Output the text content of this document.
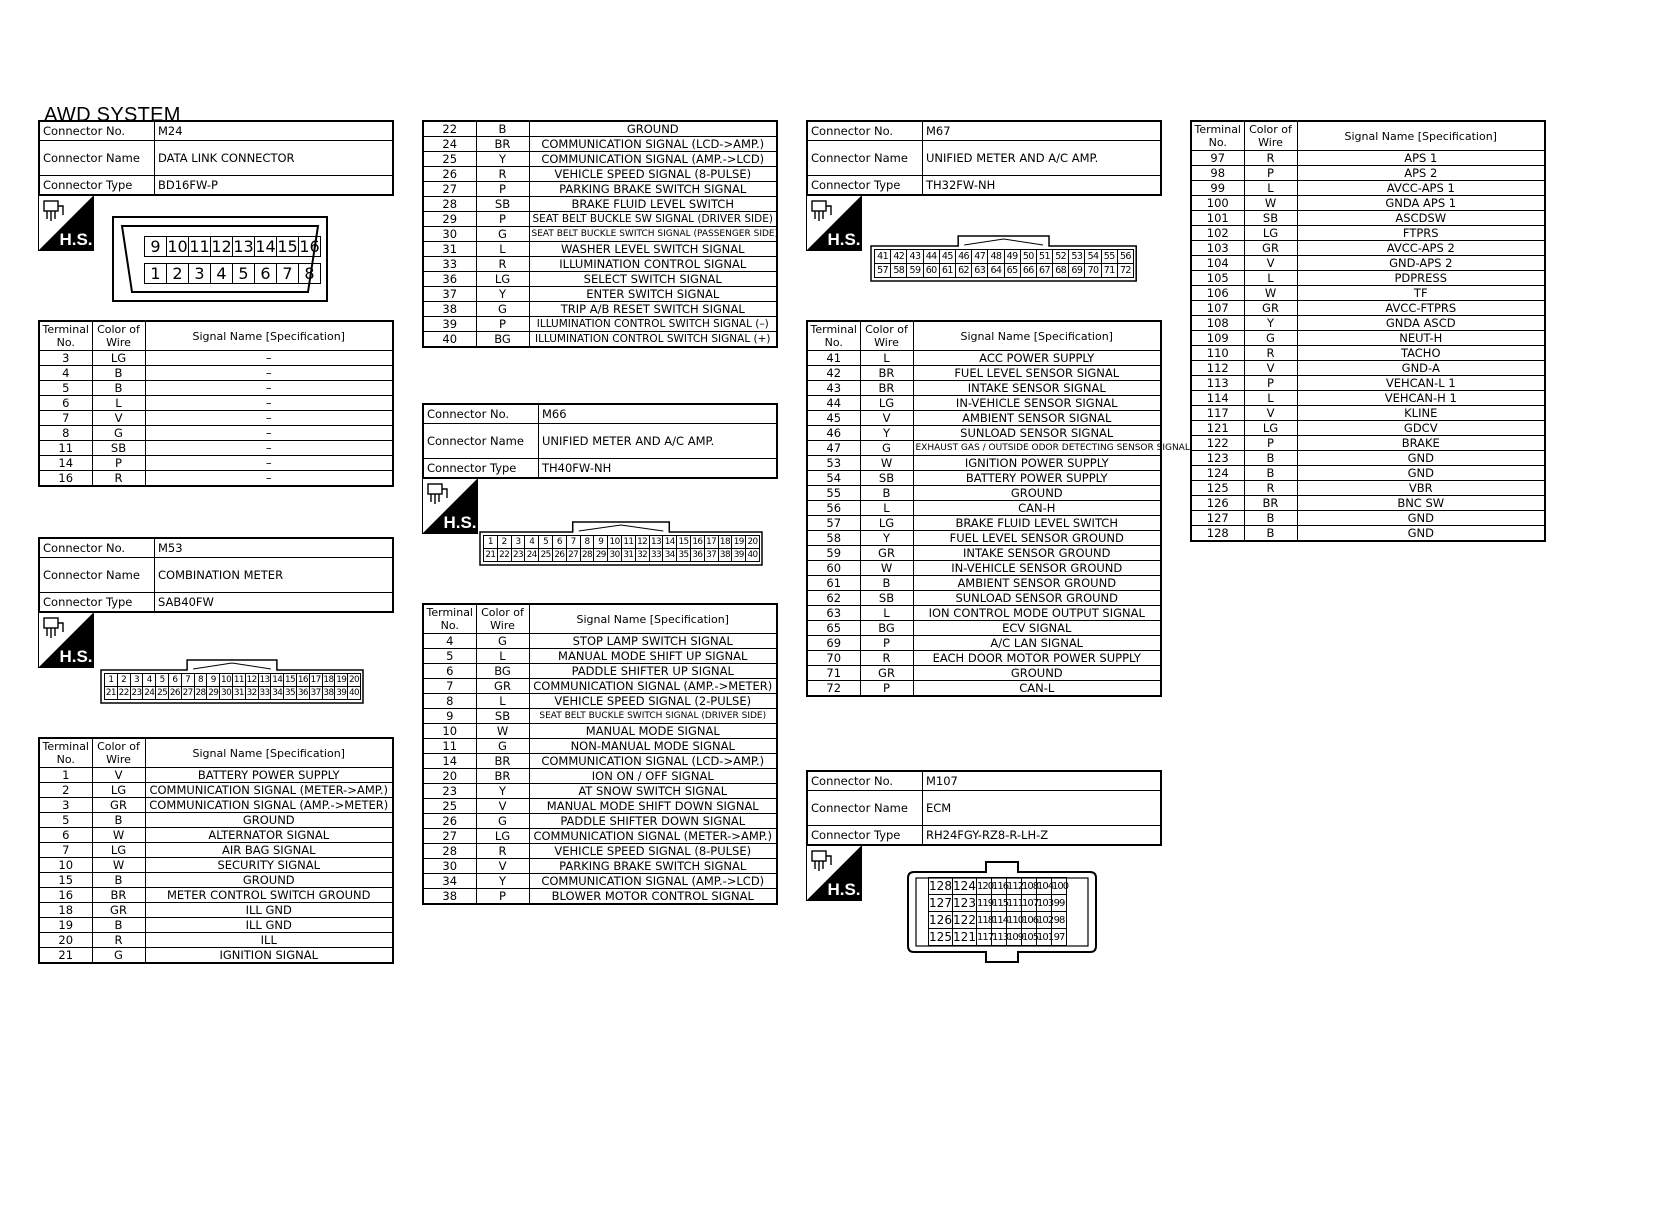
AWD SYSTEM
Connector No.	M24
Connector Name	DATA LINK CONNECTOR
Connector Type	BD16FW-P
H.S.	9 10 11 12 13 14 15 16
1 2 3 4 5 6 7 8
Terminal No.	Color of Wire	Signal Name [Specification]
3	LG	–
4	B	–
5	B	–
6	L	–
7	V	–
8	G	–
11	SB	–
14	P	–
16	R	–
Connector No.	M53
Connector Name	COMBINATION METER
Connector Type	SAB40FW
H.S.
1 2 3 4 5 6 7 8 9 10 11 12 13 14 15 16 17 18 19 20
21 22 23 24 25 26 27 28 29 30 31 32 33 34 35 36 37 38 39 40
Terminal No.	Color of Wire	Signal Name [Specification]
1	V	BATTERY POWER SUPPLY
2	LG	COMMUNICATION SIGNAL (METER->AMP.)
3	GR	COMMUNICATION SIGNAL (AMP.->METER)
5	B	GROUND
6	W	ALTERNATOR SIGNAL
7	LG	AIR BAG SIGNAL
10	W	SECURITY SIGNAL
15	B	GROUND
16	BR	METER CONTROL SWITCH GROUND
18	GR	ILL GND
19	B	ILL GND
20	R	ILL
21	G	IGNITION SIGNAL
22	B	GROUND
24	BR	COMMUNICATION SIGNAL (LCD->AMP.)
25	Y	COMMUNICATION SIGNAL (AMP.->LCD)
26	R	VEHICLE SPEED SIGNAL (8-PULSE)
27	P	PARKING BRAKE SWITCH SIGNAL
28	SB	BRAKE FLUID LEVEL SWITCH
29	P	SEAT BELT BUCKLE SW SIGNAL (DRIVER SIDE)
30	G	SEAT BELT BUCKLE SWITCH SIGNAL (PASSENGER SIDE)
31	L	WASHER LEVEL SWITCH SIGNAL
33	R	ILLUMINATION CONTROL SIGNAL
36	LG	SELECT SWITCH SIGNAL
37	Y	ENTER SWITCH SIGNAL
38	G	TRIP A/B RESET SWITCH SIGNAL
39	P	ILLUMINATION CONTROL SWITCH SIGNAL (–)
40	BG	ILLUMINATION CONTROL SWITCH SIGNAL (+)
Connector No.	M66
Connector Name	UNIFIED METER AND A/C AMP.
Connector Type	TH40FW-NH
H.S.
1 2 3 4 5 6 7 8 9 10 11 12 13 14 15 16 17 18 19 20
21 22 23 24 25 26 27 28 29 30 31 32 33 34 35 36 37 38 39 40
Terminal No.	Color of Wire	Signal Name [Specification]
4	G	STOP LAMP SWITCH SIGNAL
5	L	MANUAL MODE SHIFT UP SIGNAL
6	BG	PADDLE SHIFTER UP SIGNAL
7	GR	COMMUNICATION SIGNAL (AMP.->METER)
8	L	VEHICLE SPEED SIGNAL (2-PULSE)
9	SB	SEAT BELT BUCKLE SWITCH SIGNAL (DRIVER SIDE)
10	W	MANUAL MODE SIGNAL
11	G	NON-MANUAL MODE SIGNAL
14	BR	COMMUNICATION SIGNAL (LCD->AMP.)
20	BR	ION ON / OFF SIGNAL
23	Y	AT SNOW SWITCH SIGNAL
25	V	MANUAL MODE SHIFT DOWN SIGNAL
26	G	PADDLE SHIFTER DOWN SIGNAL
27	LG	COMMUNICATION SIGNAL (METER->AMP.)
28	R	VEHICLE SPEED SIGNAL (8-PULSE)
30	V	PARKING BRAKE SWITCH SIGNAL
34	Y	COMMUNICATION SIGNAL (AMP.->LCD)
38	P	BLOWER MOTOR CONTROL SIGNAL
Connector No.	M67
Connector Name	UNIFIED METER AND A/C AMP.
Connector Type	TH32FW-NH
H.S.
41 42 43 44 45 46 47 48 49 50 51 52 53 54 55 56
57 58 59 60 61 62 63 64 65 66 67 68 69 70 71 72
Terminal No.	Color of Wire	Signal Name [Specification]
41	L	ACC POWER SUPPLY
42	BR	FUEL LEVEL SENSOR SIGNAL
43	BR	INTAKE SENSOR SIGNAL
44	LG	IN-VEHICLE SENSOR SIGNAL
45	V	AMBIENT SENSOR SIGNAL
46	Y	SUNLOAD SENSOR SIGNAL
47	G	EXHAUST GAS / OUTSIDE ODOR DETECTING SENSOR SIGNAL
53	W	IGNITION POWER SUPPLY
54	SB	BATTERY POWER SUPPLY
55	B	GROUND
56	L	CAN-H
57	LG	BRAKE FLUID LEVEL SWITCH
58	Y	FUEL LEVEL SENSOR GROUND
59	GR	INTAKE SENSOR GROUND
60	W	IN-VEHICLE SENSOR GROUND
61	B	AMBIENT SENSOR GROUND
62	SB	SUNLOAD SENSOR GROUND
63	L	ION CONTROL MODE OUTPUT SIGNAL
65	BG	ECV SIGNAL
69	P	A/C LAN SIGNAL
70	R	EACH DOOR MOTOR POWER SUPPLY
71	GR	GROUND
72	P	CAN-L
Connector No.	M107
Connector Name	ECM
Connector Type	RH24FGY-RZ8-R-LH-Z
H.S.	128 124 120
116
112
108
104
100
127 123 119
115
111
107
103 99
126 122 118
114
110
106
102 98
125 121 117
113
109
105
101 97
Terminal No.	Color of Wire	Signal Name [Specification]
97	R	APS 1
98	P	APS 2
99	L	AVCC-APS 1
100	W	GNDA APS 1
101	SB	ASCDSW
102	LG	FTPRS
103	GR	AVCC-APS 2
104	V	GND-APS 2
105	L	PDPRESS
106	W	TF
107	GR	AVCC-FTPRS
108	Y	GNDA ASCD
109	G	NEUT-H
110	R	TACHO
112	V	GND-A
113	P	VEHCAN-L 1
114	L	VEHCAN-H 1
117	V	KLINE
121	LG	GDCV
122	P	BRAKE
123	B	GND
124	B	GND
125	R	VBR
126	BR	BNC SW
127	B	GND
128	B	GND
